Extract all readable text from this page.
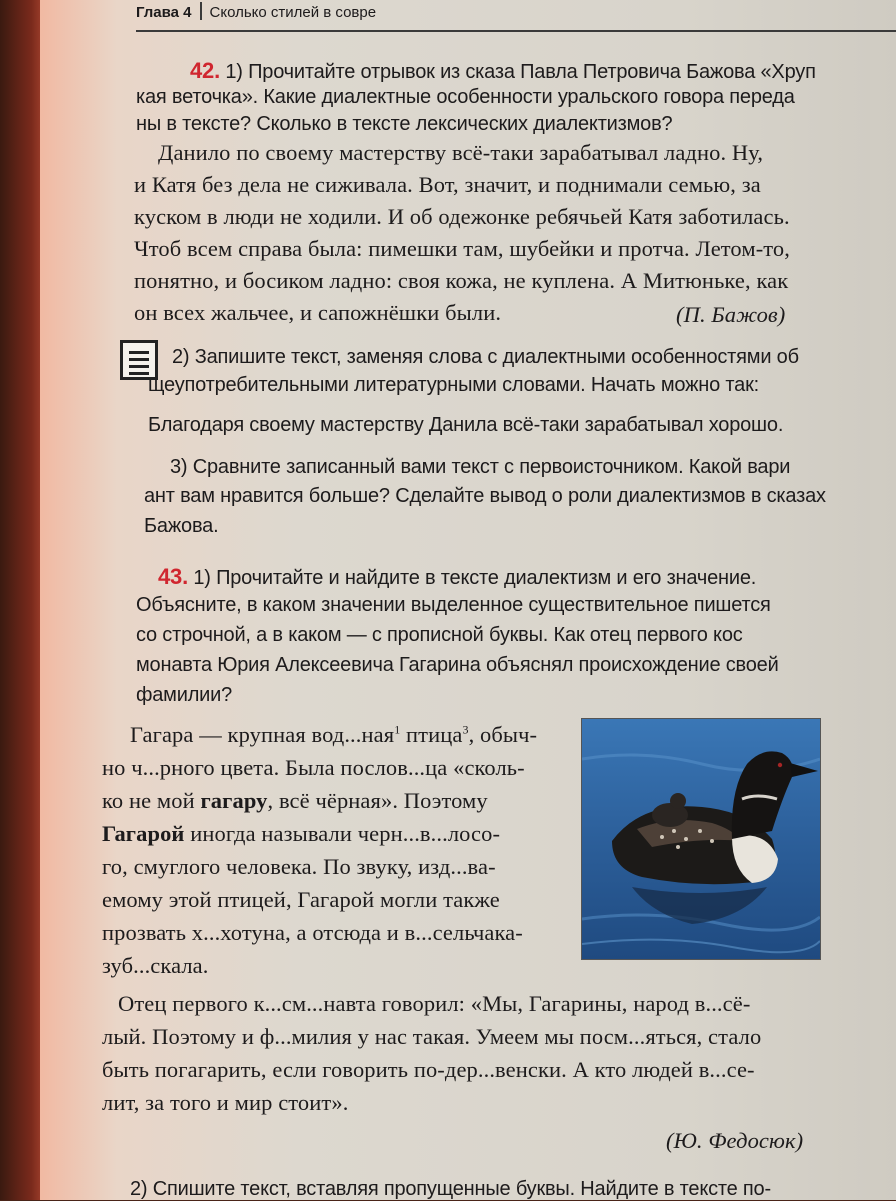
Глава 4 Сколько стилей в совре
42. 1) Прочитайте отрывок из сказа Павла Петровича Бажова «Хруп
кая веточка». Какие диалектные особенности уральского говора переда
ны в тексте? Сколько в тексте лексических диалектизмов?
Данило по своему мастерству всё-таки зарабатывал ладно. Ну,
и Катя без дела не сиживала. Вот, значит, и поднимали семью, за
куском в люди не ходили. И об одежонке ребячьей Катя заботилась.
Чтоб всем справа была: пимешки там, шубейки и протча. Летом-то,
понятно, и босиком ладно: своя кожа, не куплена. А Митюньке, как
он всех жальчее, и сапожнёшки были.	(П. Бажов)
2) Запишите текст, заменяя слова с диалектными особенностями об
щеупотребительными литературными словами. Начать можно так:
Благодаря своему мастерству Данила всё-таки зарабатывал хорошо.
3) Сравните записанный вами текст с первоисточником. Какой вари
ант вам нравится больше? Сделайте вывод о роли диалектизмов в сказах
Бажова.
43. 1) Прочитайте и найдите в тексте диалектизм и его значение.
Объясните, в каком значении выделенное существительное пишется
со строчной, а в каком — с прописной буквы. Как отец первого кос
монавта Юрия Алексеевича Гагарина объяснял происхождение своей
фамилии?
Гагара — крупная вод...ная$^1$ птица$^3$, обыч-
но ч...рного цвета. Была послов...ца «сколь-
ко не мой гагару, всё чёрная». Поэтому
Гагарой иногда называли черн...в...лосо-
го, смуглого человека. По звуку, изд...ва-
емому этой птицей, Гагарой могли также
прозвать х...хотуна, а отсюда и в...сельчака-
зуб...скала.
Отец первого к...см...навта говорил: «Мы, Гагарины, народ в...сё-
лый. Поэтому и ф...милия у нас такая. Умеем мы посм...яться, стало
быть погагарить, если говорить по-дер...венски. А кто людей в...се-
лит, за того и мир стоит».
(Ю. Федосюк)
2) Спишите текст, вставляя пропущенные буквы. Найдите в тексте по-
